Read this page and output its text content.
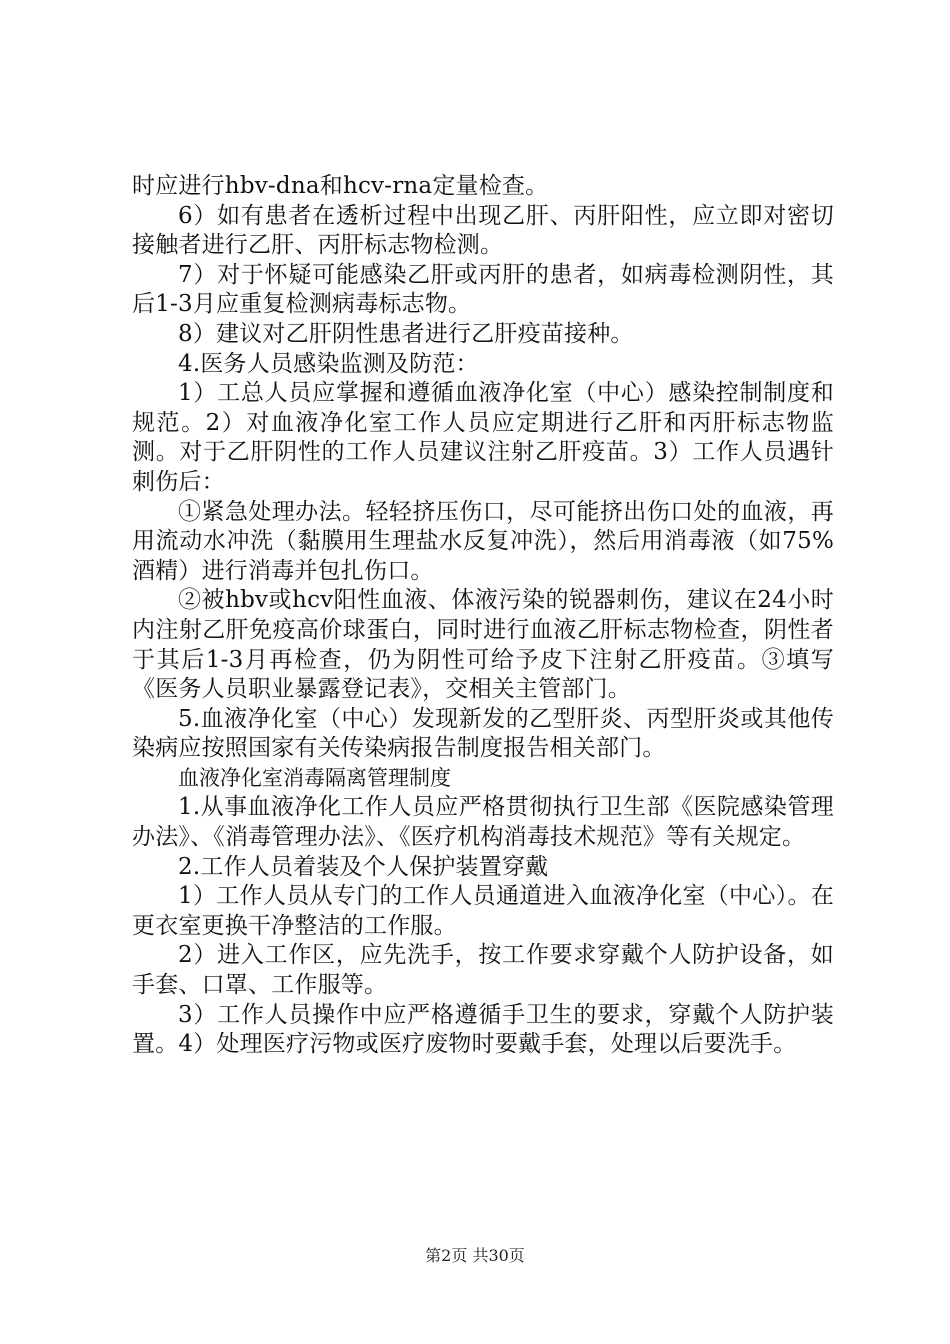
时应进行hbv-dna和hcv-rna定量检查。

6）如有患者在透析过程中出现乙肝、丙肝阳性，应立即对密切接触者进行乙肝、丙肝标志物检测。

7）对于怀疑可能感染乙肝或丙肝的患者，如病毒检测阴性，其后1-3月应重复检测病毒标志物。

8）建议对乙肝阴性患者进行乙肝疫苗接种。

4.医务人员感染监测及防范：

1）工总人员应掌握和遵循血液净化室（中心）感染控制制度和规范。2）对血液净化室工作人员应定期进行乙肝和丙肝标志物监测。对于乙肝阴性的工作人员建议注射乙肝疫苗。3）工作人员遇针刺伤后：

①紧急处理办法。轻轻挤压伤口，尽可能挤出伤口处的血液，再用流动水冲洗（黏膜用生理盐水反复冲洗），然后用消毒液（如75%酒精）进行消毒并包扎伤口。

②被hbv或hcv阳性血液、体液污染的锐器刺伤，建议在24小时内注射乙肝免疫高价球蛋白，同时进行血液乙肝标志物检查，阴性者于其后1-3月再检查，仍为阴性可给予皮下注射乙肝疫苗。③填写《医务人员职业暴露登记表》，交相关主管部门。

5.血液净化室（中心）发现新发的乙型肝炎、丙型肝炎或其他传染病应按照国家有关传染病报告制度报告相关部门。

血液净化室消毒隔离管理制度

1.从事血液净化工作人员应严格贯彻执行卫生部《医院感染管理办法》、《消毒管理办法》、《医疗机构消毒技术规范》等有关规定。

2.工作人员着装及个人保护装置穿戴

1）工作人员从专门的工作人员通道进入血液净化室（中心）。在更衣室更换干净整洁的工作服。

2）进入工作区，应先洗手，按工作要求穿戴个人防护设备，如手套、口罩、工作服等。

3）工作人员操作中应严格遵循手卫生的要求，穿戴个人防护装置。4）处理医疗污物或医疗废物时要戴手套，处理以后要洗手。

第2页 共30页
